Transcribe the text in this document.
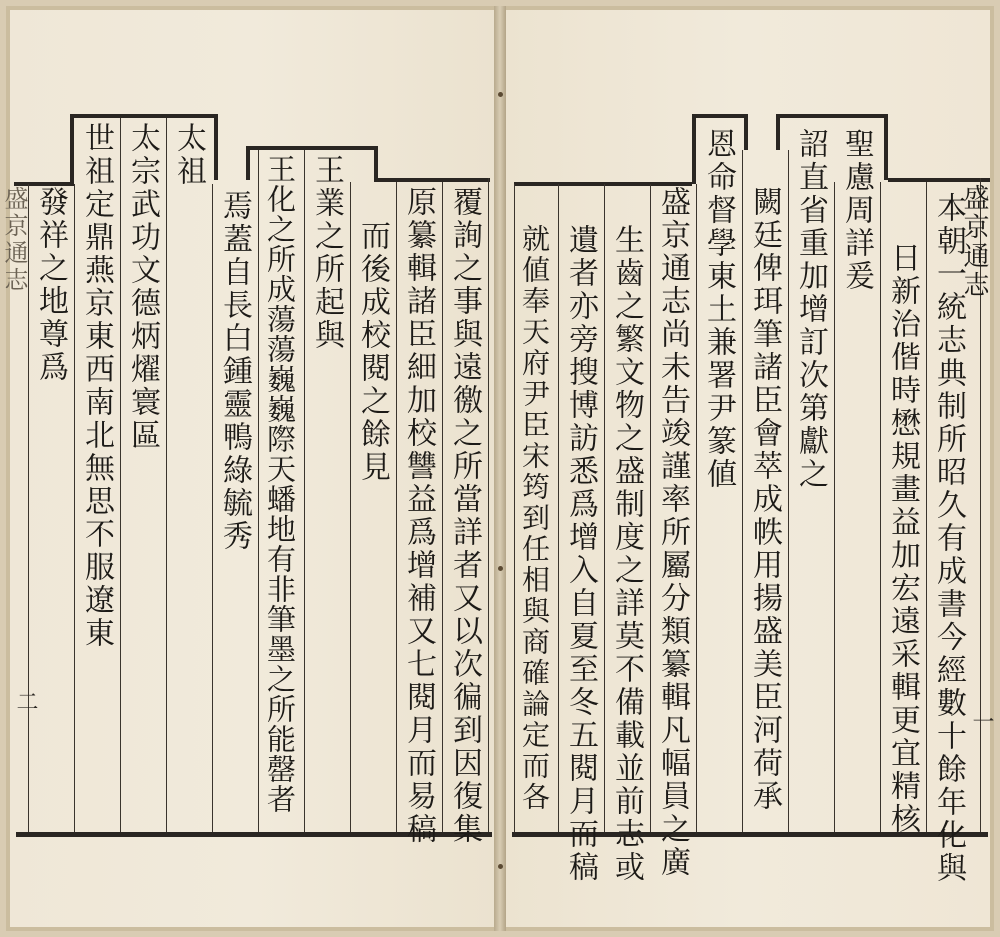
盛京通志
本朝一統志典制所昭久有成書今經數十餘年化與
日新治偕時懋規畫益加宏遠采輯更宜精核
聖慮周詳爰
詔直省重加增訂次第獻之
闕廷俾珥筆諸臣會萃成帙用揚盛美臣河荷承
恩命督學東土兼署尹篆値
盛京通志尚未告竣謹率所屬分類纂輯凡幅員之廣
生齒之繁文物之盛制度之詳莫不備載並前志或
遺者亦旁搜博訪悉爲增入自夏至冬五閱月而稿
就値奉天府尹臣宋筠到任相與商確論定而各	一
覆詢之事與遠徼之所當詳者又以次徧到因復集
原纂輯諸臣細加校讐益爲增補又七閱月而易稿
而後成校閱之餘見
王業之所起與
王化之所成蕩蕩巍巍際天蟠地有非筆墨之所能罄者
焉蓋自長白鍾靈鴨綠毓秀
太祖
太宗武功文德炳燿寰區
世祖定鼎燕京東西南北無思不服遼東
發祥之地尊爲
盛京通志
二
